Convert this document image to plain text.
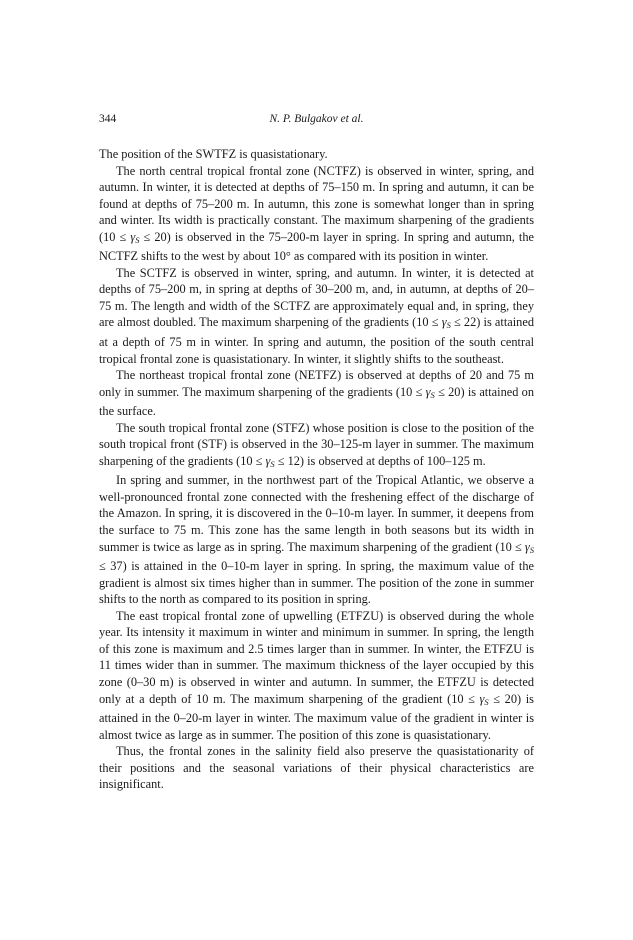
344	N. P. Bulgakov et al.

The position of the SWTFZ is quasistationary.

The north central tropical frontal zone (NCTFZ) is observed in winter, spring, and autumn. In winter, it is detected at depths of 75–150 m. In spring and autumn, it can be found at depths of 75–200 m. In autumn, this zone is somewhat longer than in spring and winter. Its width is practically constant. The maximum sharpening of the gradients $(10 \le \gamma_S \le 20)$ is observed in the 75–200-m layer in spring. In spring and autumn, the NCTFZ shifts to the west by about 10° as compared with its position in winter.

The SCTFZ is observed in winter, spring, and autumn. In winter, it is detected at depths of 75–200 m, in spring at depths of 30–200 m, and, in autumn, at depths of 20–75 m. The length and width of the SCTFZ are approximately equal and, in spring, they are almost doubled. The maximum sharpening of the gradients $(10 \le \gamma_S \le 22)$ is attained at a depth of 75 m in winter. In spring and autumn, the position of the south central tropical frontal zone is quasistationary. In winter, it slightly shifts to the southeast.

The northeast tropical frontal zone (NETFZ) is observed at depths of 20 and 75 m only in summer. The maximum sharpening of the gradients $(10 \le \gamma_S \le 20)$ is attained on the surface.

The south tropical frontal zone (STFZ) whose position is close to the position of the south tropical front (STF) is observed in the 30–125-m layer in summer. The maximum sharpening of the gradients $(10 \le \gamma_S \le 12)$ is observed at depths of 100–125 m.

In spring and summer, in the northwest part of the Tropical Atlantic, we observe a well-pronounced frontal zone connected with the freshening effect of the discharge of the Amazon. In spring, it is discovered in the 0–10-m layer. In summer, it deepens from the surface to 75 m. This zone has the same length in both seasons but its width in summer is twice as large as in spring. The maximum sharpening of the gradient $(10 \le \gamma_S \le 37)$ is attained in the 0–10-m layer in spring. In spring, the maximum value of the gradient is almost six times higher than in summer. The position of the zone in summer shifts to the north as compared to its position in spring.

The east tropical frontal zone of upwelling (ETFZU) is observed during the whole year. Its intensity it maximum in winter and minimum in summer. In spring, the length of this zone is maximum and 2.5 times larger than in summer. In winter, the ETFZU is 11 times wider than in summer. The maximum thickness of the layer occupied by this zone (0–30 m) is observed in winter and autumn. In summer, the ETFZU is detected only at a depth of 10 m. The maximum sharpening of the gradient $(10 \le \gamma_S \le 20)$ is attained in the 0–20-m layer in winter. The maximum value of the gradient in winter is almost twice as large as in summer. The position of this zone is quasistationary.

Thus, the frontal zones in the salinity field also preserve the quasistationarity of their positions and the seasonal variations of their physical characteristics are insignificant.
